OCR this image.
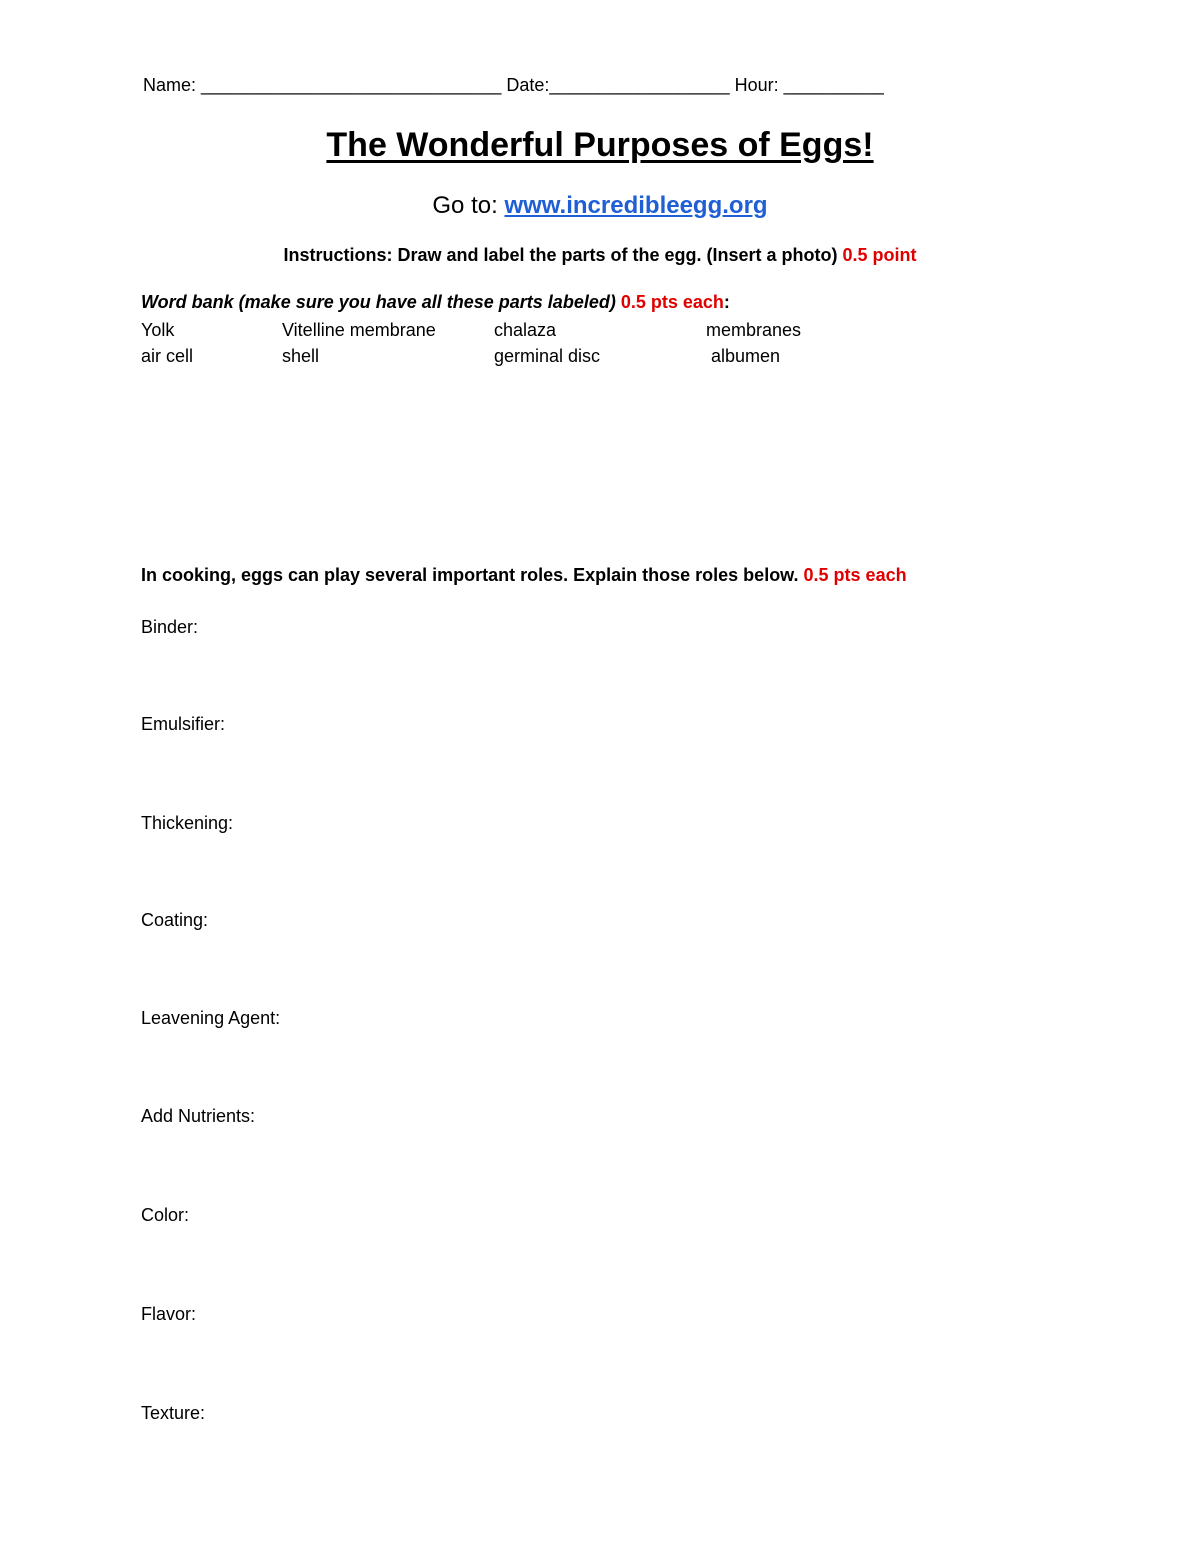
Name: ______________________________ Date:__________________ Hour: __________
The Wonderful Purposes of Eggs!
Go to: www.incredibleegg.org
Instructions: Draw and label the parts of the egg. (Insert a photo) 0.5 point
Word bank (make sure you have all these parts labeled) 0.5 pts each:
Yolk	Vitelline membrane	chalaza	membranes
air cell	shell	germinal disc	albumen
In cooking, eggs can play several important roles. Explain those roles below. 0.5 pts each
Binder:
Emulsifier:
Thickening:
Coating:
Leavening Agent:
Add Nutrients:
Color:
Flavor:
Texture:
